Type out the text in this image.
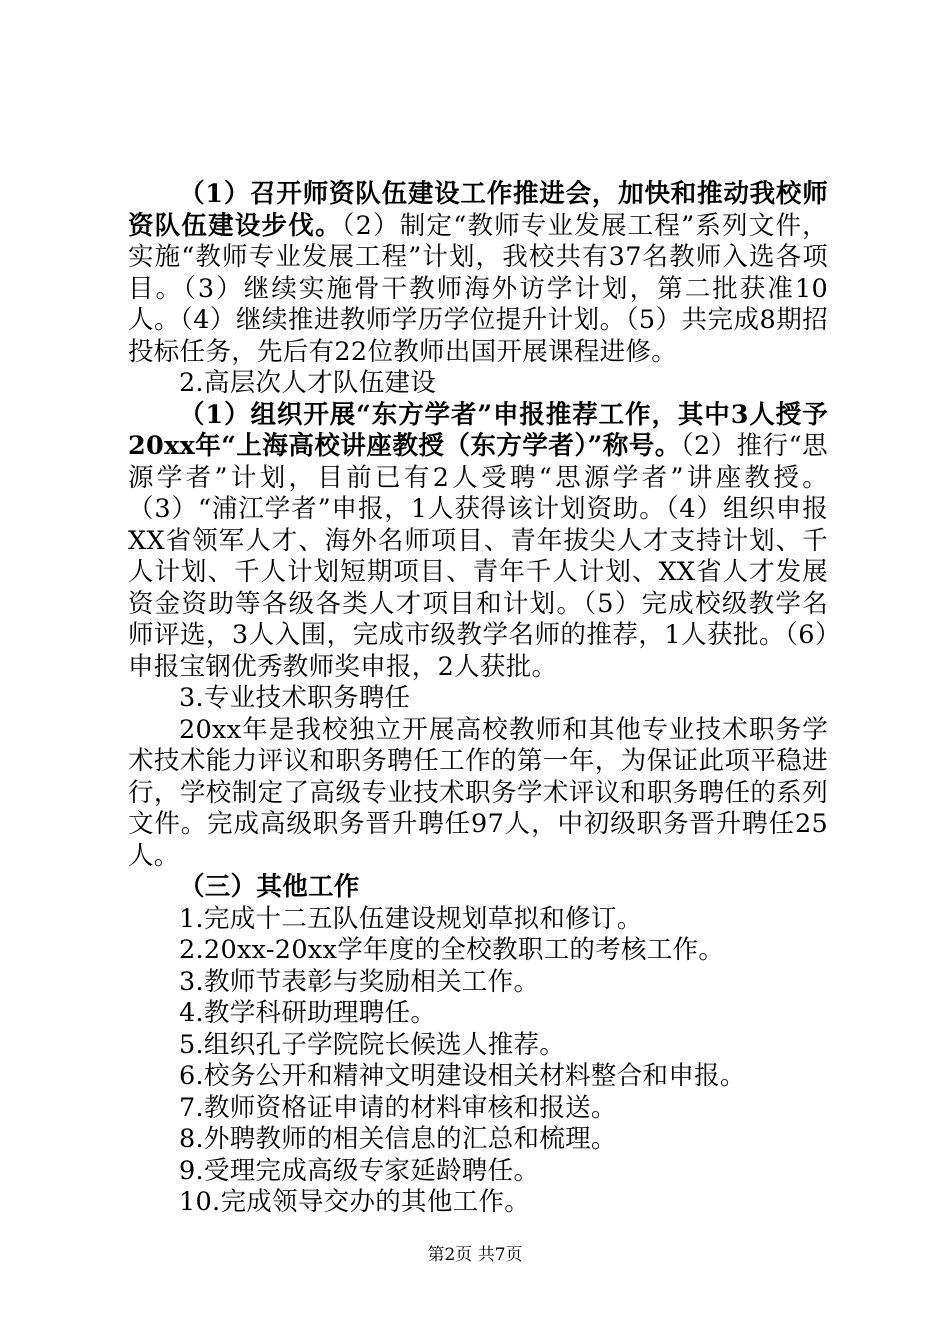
（1）召开师资队伍建设工作推进会，加快和推动我校师资队伍建设步伐。（2）制定“教师专业发展工程”系列文件，实施“教师专业发展工程”计划，我校共有37名教师入选各项目。（3）继续实施骨干教师海外访学计划，第二批获准10人。（4）继续推进教师学历学位提升计划。（5）共完成8期招投标任务，先后有22位教师出国开展课程进修。

2.高层次人才队伍建设

（1）组织开展“东方学者”申报推荐工作，其中3人授予20xx年“上海高校讲座教授（东方学者）”称号。（2）推行“思源学者”计划，目前已有2人受聘“思源学者”讲座教授。（3）“浦江学者”申报，1人获得该计划资助。（4）组织申报XX省领军人才、海外名师项目、青年拔尖人才支持计划、千人计划、千人计划短期项目、青年千人计划、XX省人才发展资金资助等各级各类人才项目和计划。（5）完成校级教学名师评选，3人入围，完成市级教学名师的推荐，1人获批。（6）申报宝钢优秀教师奖申报，2人获批。

3.专业技术职务聘任

20xx年是我校独立开展高校教师和其他专业技术职务学术技术能力评议和职务聘任工作的第一年，为保证此项平稳进行，学校制定了高级专业技术职务学术评议和职务聘任的系列文件。完成高级职务晋升聘任97人，中初级职务晋升聘任25人。

（三）其他工作

1.完成十二五队伍建设规划草拟和修订。

2.20xx-20xx学年度的全校教职工的考核工作。

3.教师节表彰与奖励相关工作。

4.教学科研助理聘任。

5.组织孔子学院院长候选人推荐。

6.校务公开和精神文明建设相关材料整合和申报。

7.教师资格证申请的材料审核和报送。

8.外聘教师的相关信息的汇总和梳理。

9.受理完成高级专家延龄聘任。

10.完成领导交办的其他工作。

第2页 共7页
